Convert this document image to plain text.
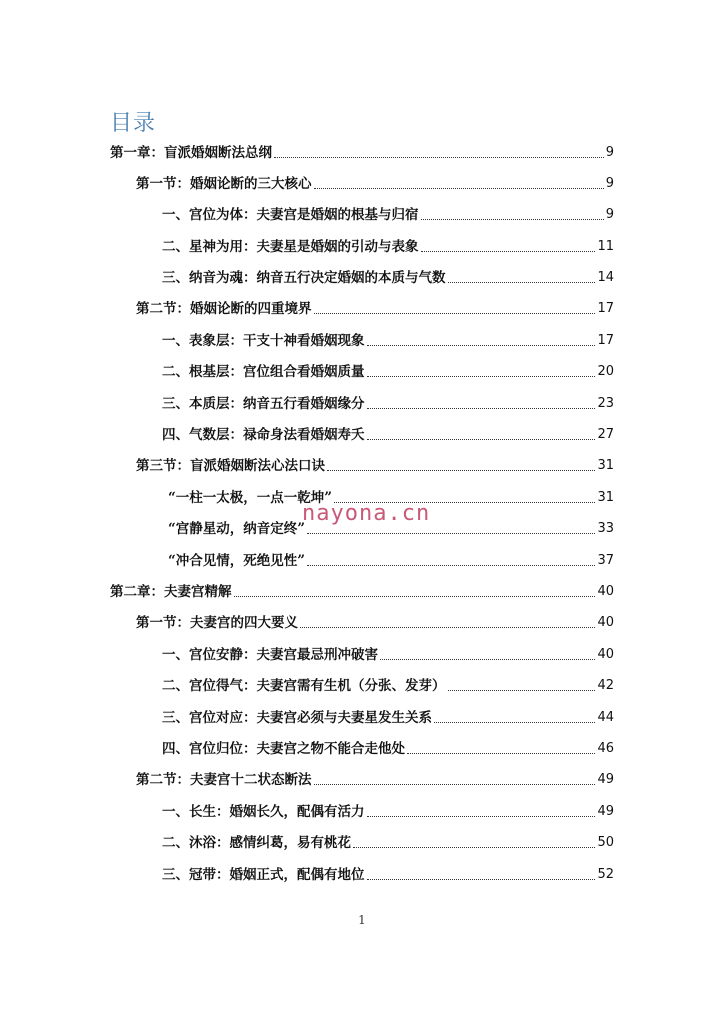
目录
第一章：盲派婚姻断法总纲	9
第一节：婚姻论断的三大核心	9
一、宫位为体：夫妻宫是婚姻的根基与归宿	9
二、星神为用：夫妻星是婚姻的引动与表象	11
三、纳音为魂：纳音五行决定婚姻的本质与气数	14
第二节：婚姻论断的四重境界	17
一、表象层：干支十神看婚姻现象	17
二、根基层：宫位组合看婚姻质量	20
三、本质层：纳音五行看婚姻缘分	23
四、气数层：禄命身法看婚姻寿夭	27
第三节：盲派婚姻断法心法口诀	31
“一柱一太极，一点一乾坤”	31
“宫静星动，纳音定终”	33
“冲合见情，死绝见性”	37
第二章：夫妻宫精解	40
第一节：夫妻宫的四大要义	40
一、宫位安静：夫妻宫最忌刑冲破害	40
二、宫位得气：夫妻宫需有生机（分张、发芽）	42
三、宫位对应：夫妻宫必须与夫妻星发生关系	44
四、宫位归位：夫妻宫之物不能合走他处	46
第二节：夫妻宫十二状态断法	49
一、长生：婚姻长久，配偶有活力	49
二、沐浴：感情纠葛，易有桃花	50
三、冠带：婚姻正式，配偶有地位	52
nayona.cn
1
